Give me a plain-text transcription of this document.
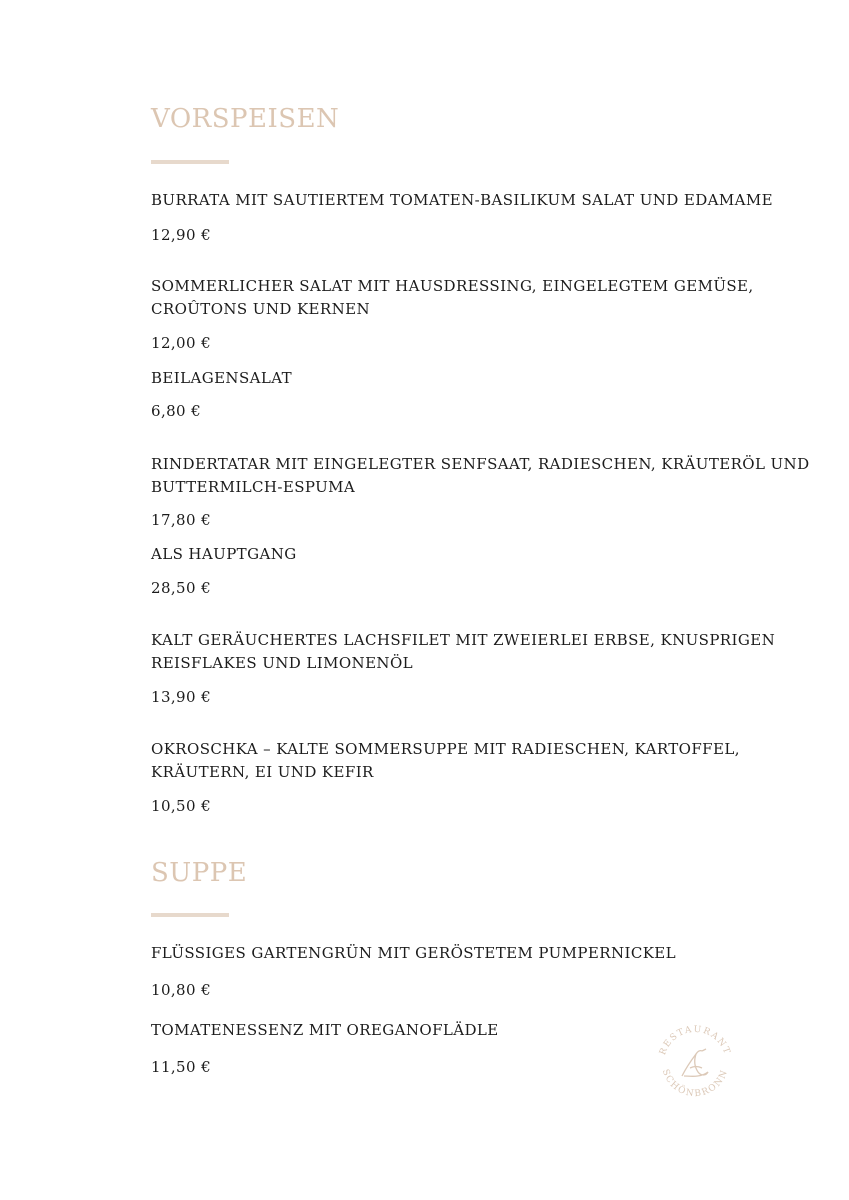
VORSPEISEN
BURRATA MIT SAUTIERTEM TOMATEN-BASILIKUM SALAT UND EDAMAME
12,90 €
SOMMERLICHER SALAT MIT HAUSDRESSING, EINGELEGTEM GEMÜSE,
CROÛTONS UND KERNEN
12,00 €
BEILAGENSALAT
6,80 €
RINDERTATAR MIT EINGELEGTER SENFSAAT, RADIESCHEN, KRÄUTERÖL UND
BUTTERMILCH-ESPUMA
17,80 €
ALS HAUPTGANG
28,50 €
KALT GERÄUCHERTES LACHSFILET MIT ZWEIERLEI ERBSE, KNUSPRIGEN
REISFLAKES UND LIMONENÖL
13,90 €
OKROSCHKA – KALTE SOMMERSUPPE MIT RADIESCHEN, KARTOFFEL,
KRÄUTERN, EI UND KEFIR
10,50 €
SUPPE
FLÜSSIGES GARTENGRÜN MIT GERÖSTETEM PUMPERNICKEL
10,80 €
TOMATENESSENZ MIT OREGANOFLÄDLE
11,50 €
RESTAURANT
SCHÖNBRONN
